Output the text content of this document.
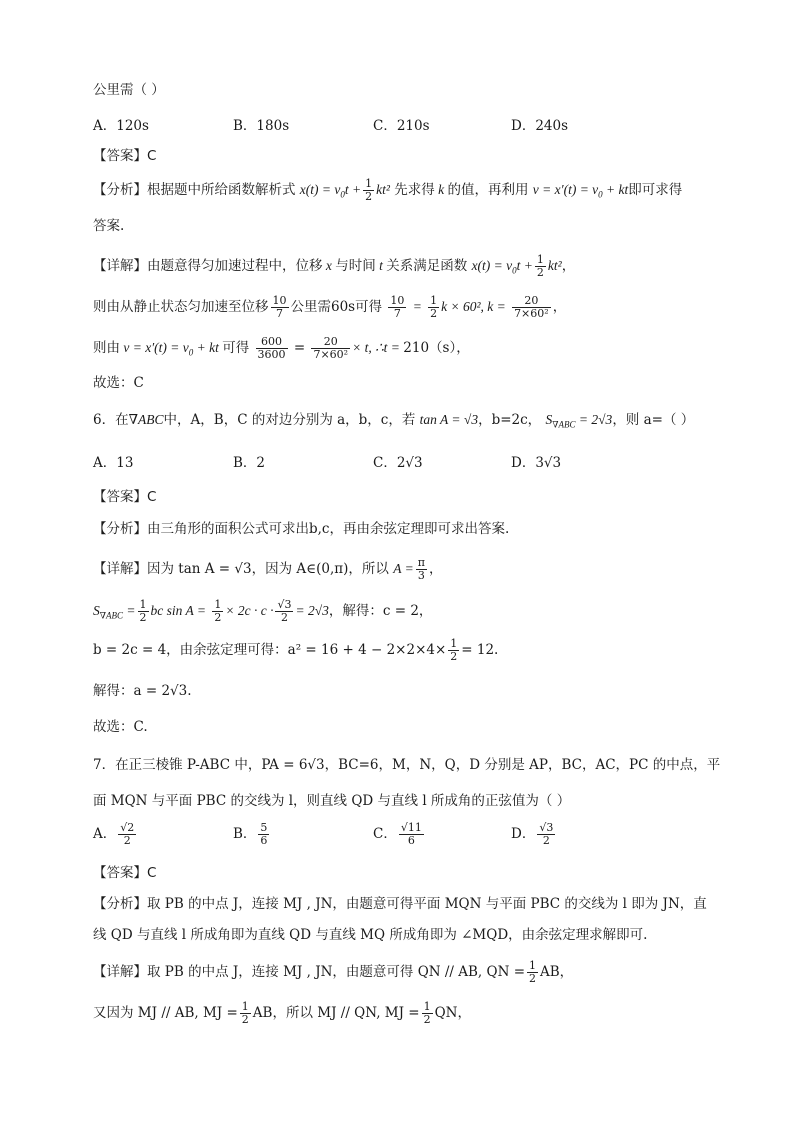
公里需（ ）
A．120s	B．180s	C．210s	D．240s
【答案】C
【分析】根据题中所给函数解析式 $x(t) = v_0t + \frac{1}{2} kt^2$ 先求得 k 的值，再利用 $v = x'(t) = v_0$ + kt即可求得
答案.
【详解】由题意得匀加速过程中，位移 x 与时间 t 关系满足函数 $x(t) = v_0t + \frac{1}{2} kt^2$，
则由从静止状态匀加速至位移 $\frac{10}{7}$ 公里需60s可得 $\frac{10}{7} = \frac{1}{2}$ k × 60², $k = \frac{20}{\text{7×60²}}$ ，
则由 $v = x'(t) = v_0$ + kt 可得 $\frac{600}{3600} = \frac{20}{\text{7×60²}} \times t$, ∴t = 210（s），
故选：C
6．在∇ABC中，A，B，C 的对边分别为 a，b，c，若 tan A = √3，b=2c， $S_{\nabla ABC} = 2√3$，则 a=（ ）
A．13	B．2	C．2√3	D．3√3
【答案】C
【分析】由三角形的面积公式可求出b,c，再由余弦定理即可求出答案.
【详解】因为 tan A = √3，因为 A∈(0,π)，所以 $A = \frac{\pi}{3}$ ，
$S_{\nabla ABC} = \frac{1}{2}$ bc $\sin A = \frac{1}{2} \times 2c \cdot c \cdot \frac{√3}{2} = 2√3$，解得：c = 2，
b = 2c = 4，由余弦定理可得：$a^2 = 16 + 4 - 2\times 2\times 4\times \frac{1}{2} = 12$.
解得：a = 2√3.
故选：C.
7．在正三棱锥 P-ABC 中，PA = 6√3，BC=6，M，N，Q，D 分别是 AP，BC，AC，PC 的中点，平
面 MQN 与平面 PBC 的交线为 l，则直线 QD 与直线 l 所成角的正弦值为（ ）
A． $\frac{√2}{2}$	B． $\frac{5}{6}$	C． $\frac{√11}{6}$	D． $\frac{√3}{2}$
【答案】C
【分析】取 PB 的中点 J，连接 MJ , JN，由题意可得平面 MQN 与平面 PBC 的交线为 l 即为 JN，直
线 QD 与直线 l 所成角即为直线 QD 与直线 MQ 所成角即为 ∠MQD，由余弦定理求解即可.
【详解】取 PB 的中点 J，连接 MJ , JN，由题意可得 QN // AB, QN = $\frac{1}{2}$ AB，
又因为 MJ // AB, MJ = $\frac{1}{2}$ AB，所以 MJ // QN, MJ = $\frac{1}{2}$ QN，
